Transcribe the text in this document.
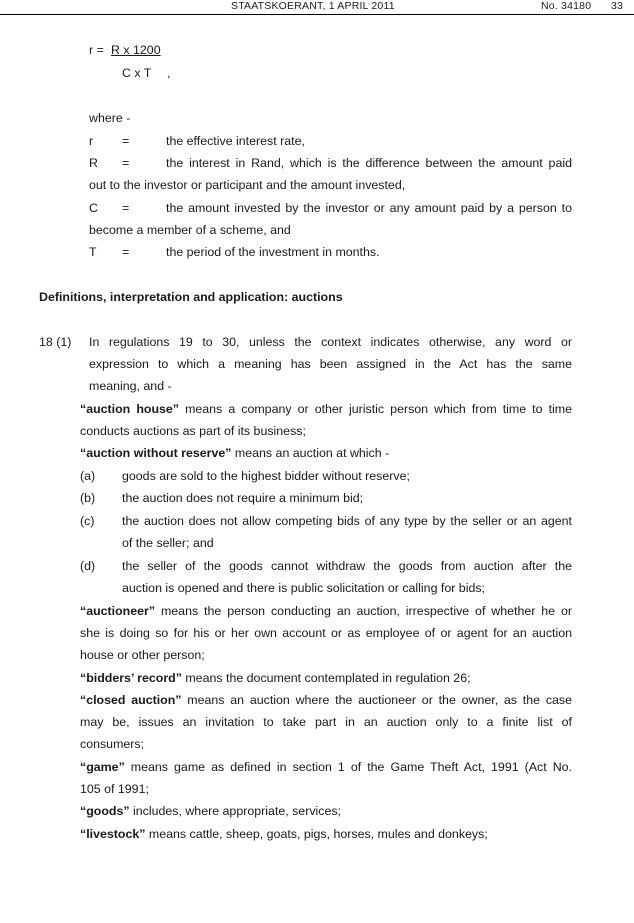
STAATSKOERANT, 1 APRIL 2011	No. 34180 33
r = R x 1200
C x T ,
where -
r =	the effective interest rate,
R =	the interest in Rand, which is the difference between the amount paid
out to the investor or participant and the amount invested,
C =	the amount invested by the investor or any amount paid by a person to
become a member of a scheme, and
T =	the period of the investment in months.
Definitions, interpretation and application: auctions
18 (1) In regulations 19 to 30, unless the context indicates otherwise, any word or
expression to which a meaning has been assigned in the Act has the same
meaning, and -
“auction house” means a company or other juristic person which from time to time
conducts auctions as part of its business;
“auction without reserve” means an auction at which -
(a) goods are sold to the highest bidder without reserve;
(b) the auction does not require a minimum bid;
(c) the auction does not allow competing bids of any type by the seller or an agent
of the seller; and
(d) the seller of the goods cannot withdraw the goods from auction after the
auction is opened and there is public solicitation or calling for bids;
“auctioneer” means the person conducting an auction, irrespective of whether he or
she is doing so for his or her own account or as employee of or agent for an auction
house or other person;
“bidders’ record” means the document contemplated in regulation 26;
“closed auction” means an auction where the auctioneer or the owner, as the case
may be, issues an invitation to take part in an auction only to a finite list of
consumers;
“game” means game as defined in section 1 of the Game Theft Act, 1991 (Act No.
105 of 1991;
“goods” includes, where appropriate, services;
“livestock” means cattle, sheep, goats, pigs, horses, mules and donkeys;
